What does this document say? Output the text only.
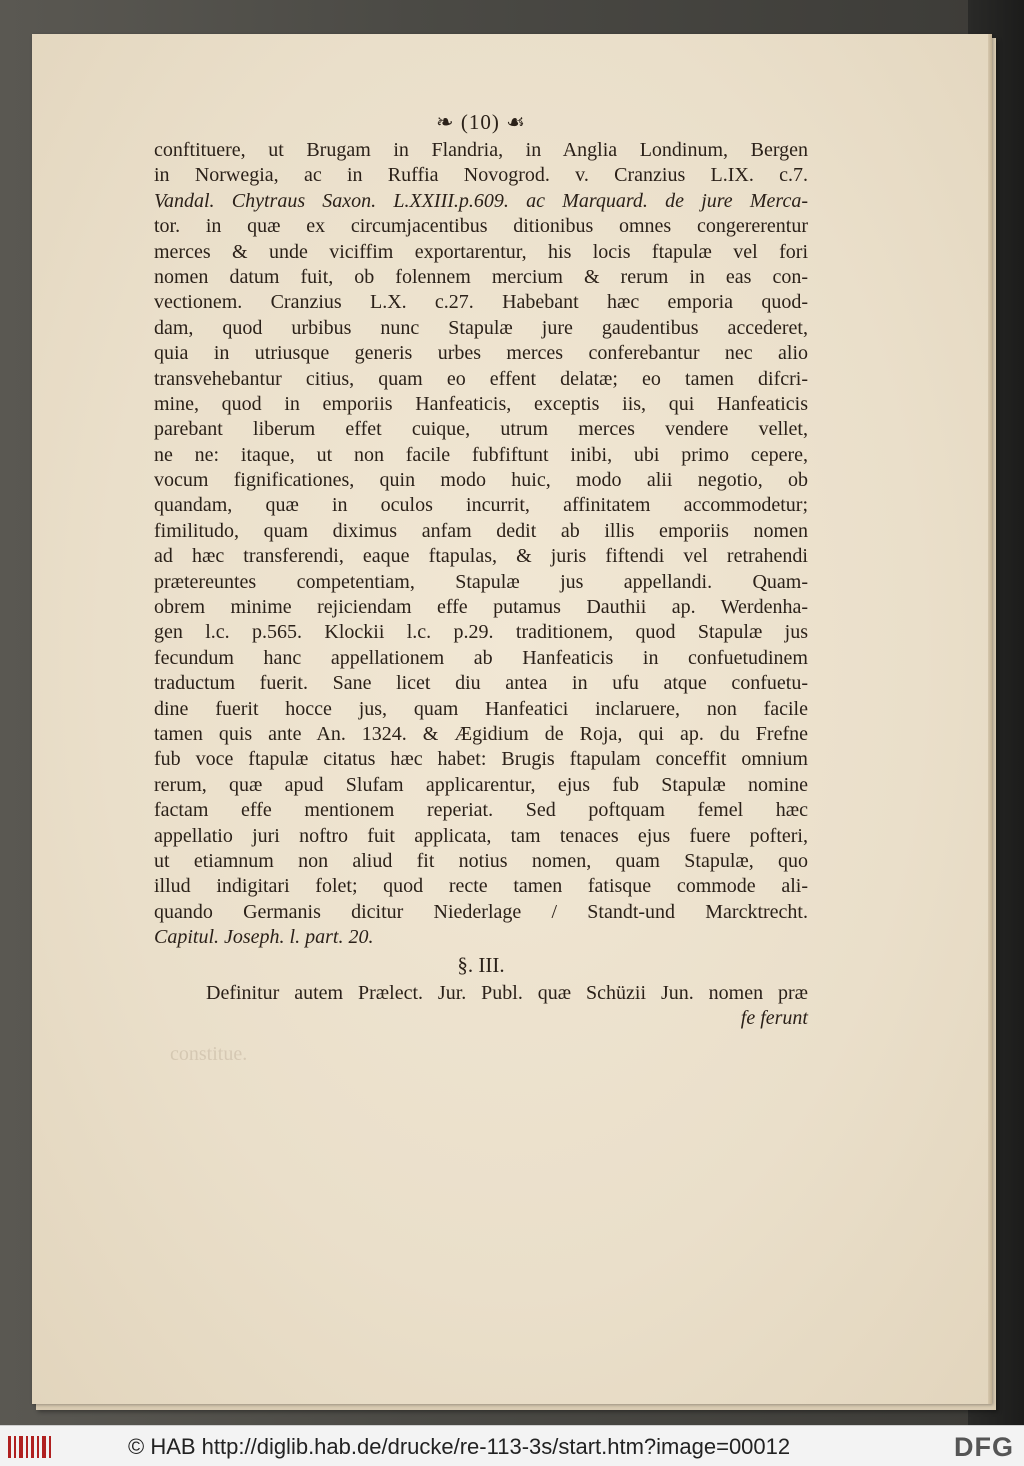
constitue.
❧ (10) ☙
conftituere, ut Brugam in Flandria, in Anglia Londinum, Bergen
in Norwegia, ac in Ruffia Novogrod. v. Cranzius L.IX. c.7.
Vandal. Chytraus Saxon. L.XXIII.p.609. ac Marquard. de jure Merca-
tor. in quæ ex circumjacentibus ditionibus omnes congererentur
merces & unde viciffim exportarentur, his locis ftapulæ vel fori
nomen datum fuit, ob folennem mercium & rerum in eas con-
vectionem. Cranzius L.X. c.27. Habebant hæc emporia quod-
dam, quod urbibus nunc Stapulæ jure gaudentibus accederet,
quia in utriusque generis urbes merces conferebantur nec alio
transvehebantur citius, quam eo effent delatæ; eo tamen difcri-
mine, quod in emporiis Hanfeaticis, exceptis iis, qui Hanfeaticis
parebant liberum effet cuique, utrum merces vendere vellet,
ne ne: itaque, ut non facile fubfiftunt inibi, ubi primo cepere,
vocum fignificationes, quin modo huic, modo alii negotio, ob
quandam, quæ in oculos incurrit, affinitatem accommodetur;
fimilitudo, quam diximus anfam dedit ab illis emporiis nomen
ad hæc transferendi, eaque ftapulas, & juris fiftendi vel retrahendi
prætereuntes competentiam, Stapulæ jus appellandi. Quam-
obrem minime rejiciendam effe putamus Dauthii ap. Werdenha-
gen l.c. p.565. Klockii l.c. p.29. traditionem, quod Stapulæ jus
fecundum hanc appellationem ab Hanfeaticis in confuetudinem
traductum fuerit. Sane licet diu antea in ufu atque confuetu-
dine fuerit hocce jus, quam Hanfeatici inclaruere, non facile
tamen quis ante An. 1324. & Ægidium de Roja, qui ap. du Frefne
fub voce ftapulæ citatus hæc habet: Brugis ftapulam conceffit omnium
rerum, quæ apud Slufam applicarentur, ejus fub Stapulæ nomine
factam effe mentionem reperiat. Sed poftquam femel hæc
appellatio juri noftro fuit applicata, tam tenaces ejus fuere pofteri,
ut etiamnum non aliud fit notius nomen, quam Stapulæ, quo
illud indigitari folet; quod recte tamen fatisque commode ali-
quando Germanis dicitur Niederlage / Standt-und Marcktrecht.
Capitul. Joseph. l. part. 20.
§. III.
Definitur autem Prælect. Jur. Publ. quæ Schüzii Jun. nomen præ
fe ferunt
© HAB http://diglib.hab.de/drucke/re-113-3s/start.htm?image=00012	DFG
